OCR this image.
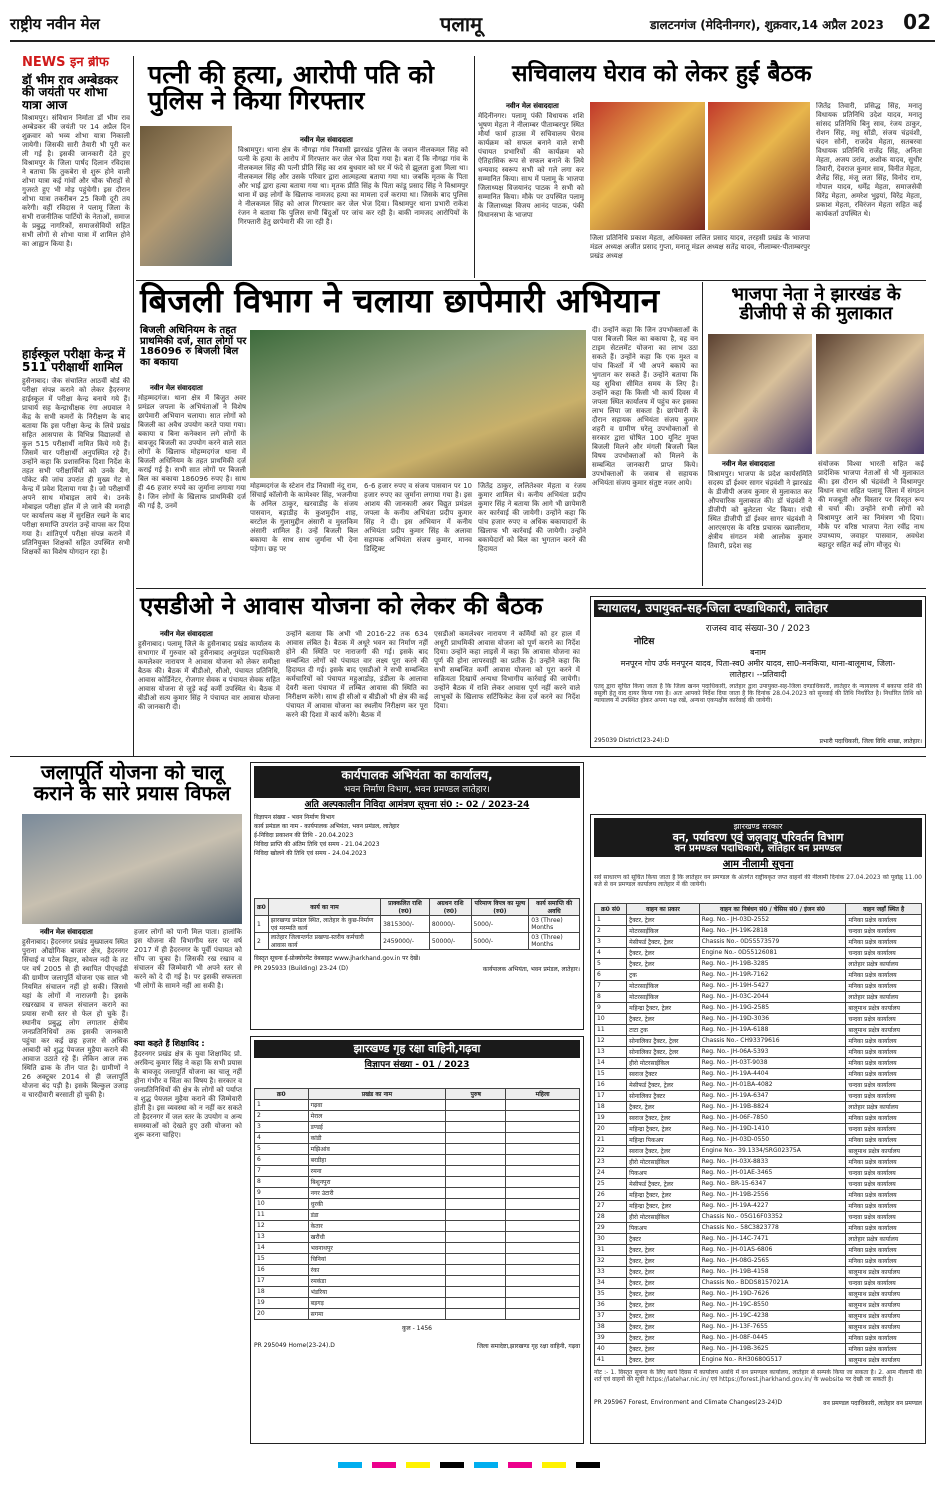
राष्ट्रीय नवीन मेल	पलामू	डालटनगंज (मेदिनीनगर), शुक्रवार,14 अप्रैल 2023 02
NEWS इन ब्रीफ
डॉ भीम राव अम्बेडकर की जयंती पर शोभा यात्रा आज
विश्रामपुर। संविधान निर्माता डॉ भीम राव अम्बेडकर की जयंती पर 14 अप्रैल दिन शुक्रवार को भव्य शोभा यात्रा निकाली जायेगी। जिसकी सारी तैयारी भी पूरी कर ली गई है। इसकी जानकारी देते हुए विश्रामपुर के जिला पार्षद दिलान रविदास ने बताया कि तुकबेरा से शुरू होने वाली शोभा यात्रा कई गांवों और चौक चौराहों से गुजरते हुए भी मोड़ पहुंचेगी। इस दौरान शोभा यात्रा तकरीबन 25 किमी दूरी तय करेगी। वहीं रविदास ने पलामू जिला के सभी राजनीतिक पार्टियों के नेताओं, समाज के प्रबुद्ध नागरिकों, समाजसेवियों सहित सभी लोगों से शोभा यात्रा में शामिल होने का आह्वान किया है।
हाईस्कूल परीक्षा केन्द्र में 511 परीक्षार्थी शामिल
हुसैनाबाद। जैक संचालित आठवीं बोर्ड की परीक्षा संपन्न कराने को लेकर हैदरनगर हाईस्कूल में परीक्षा केन्द्र बनाये गये हैं। प्राचार्य सह केन्द्राधीक्षक रंगा अग्रवाल ने केंद्र के सभी कमरों के निरीक्षण के बाद बताया कि इस परीक्षा केन्द्र के लिये प्रखंड सहित आसपास के विभिन्न विद्यालयों से कुल 515 परीक्षार्थी नामित किये गये हैं। जिसमें चार परीक्षार्थी अनुपस्थित रहे हैं। उन्होंने कहा कि प्रशासनिक दिशा निर्देश के तहत सभी परीक्षार्थियों को उनके बैग, पॉकेट की जांच उपरांत ही मुख्य गेट से केन्द्र में प्रवेश दिलाया गया है। जो परीक्षार्थी अपने साथ मोबाइल लाये थे। उनके मोबाइल परीक्षा हॉल में ले जाने की मनाही पर कार्यालय कक्ष में सुरक्षित रखने के बाद परीक्षा समाप्ति उपरांत उन्हें वापस कर दिया गया है। शांतिपूर्ण परीक्षा संपन्न कराने में प्रतिनियुक्त शिक्षकों सहित उपस्थित सभी शिक्षकों का विशेष योगदान रहा है।
पत्नी की हत्या, आरोपी पति को पुलिस ने किया गिरफ्तार
नवीन मेल संवाददाता
विश्रामपुर। थाना क्षेत्र के नौगढ़ा गांव निवासी झारखंड पुलिस के जवान नीलकमल सिंह को पत्नी के हत्या के आरोप में गिरफ्तार कर जेल भेज दिया गया है। बता दें कि नौगढ़ा गांव के नीलकमल सिंह की पत्नी प्रीति सिंह का शव बुधवार को घर में फंदे से झूलता हुआ मिला था। नीलकमल सिंह और उसके परिवार द्वारा आत्महत्या बताया गया था। जबकि मृतक के पिता और भाई द्वारा हत्या बताया गया था। मृतक प्रीति सिंह के पिता कांडू प्रसाद सिंह ने विश्रामपुर थाना में छह लोगों के खिलाफ नामजद हत्या का मामला दर्ज कराया था। जिसके बाद पुलिस ने नीलकमल सिंह को आज गिरफ्तार कर जेल भेज दिया। विश्रामपुर थाना प्रभारी राकेश रंजन ने बताया कि पुलिस सभी बिंदुओं पर जांच कर रही है। बाकी नामजद आरोपियों के गिरफ्तारी हेतु छापेमारी की जा रही है।
सचिवालय घेराव को लेकर हुई बैठक
नवीन मेल संवाददाता
मेदिनीनगर। पलामू पंकी विधायक शशि भूषण मेहता ने नीलाम्बर पीताम्बरपुर स्थित मौर्या फार्म हाउस में सचिवालय घेराव कार्यक्रम को सफल बनाने वाले सभी पंचायत प्रभारियों की कार्यक्रम को ऐतिहासिक रूप से सफल बनाने के लिये धन्यवाद स्वरूप सभी को गले लगा कर सम्मानित किया। साथ में पलामू के भाजपा जिलाध्यक्ष विजयानंद पाठक ने सभी को सम्मानित किया। मौके पर उपस्थित पलामू के जिलाध्यक्ष विजय आनंद पाठक, पंकी विधानसभा के भाजपा
जिला प्रतिनिधि प्रकाश मेहता, अधिवक्ता ललित प्रसाद यादव, तरहसी प्रखंड के भाजपा मंडल अध्यक्ष अजीत प्रसाद गुप्ता, मनातू मंडल अध्यक्ष सतेंद्र यादव, नीलाम्बर-पीताम्बरपुर प्रखंड अध्यक्ष
जितेंद्र तिवारी, प्रसिद्ध सिंह, मनातू विधायक प्रतिनिधि उदेश यादव, मनातू सांसद प्रतिनिधि बिनु साव, रंजय ठाकुर, रोशन सिंह, मधु सोंडी, संजय चंद्रवंशी, चंदन सोनी, राजदेव मेहता, सतबरवा विधायक प्रतिनिधि राजेंद्र सिंह, अनिता मेहता, अजय उरांव, अशोक यादव, सुधीर तिवारी, देवराज कुमार साव, विनीत मेहता, शैलेंद्र सिंह, मंजू लता सिंह, विनोद राम, गोपाल यादव, धर्मेंद्र मेहता, समाजसेवी विरेंद्र मेहता, अमरेश भुइयां, विरेंद्र मेहता, प्रकाश मेहता, रविरंजन मेहता सहित कई कार्यकर्ता उपस्थित थे।
बिजली विभाग ने चलाया छापेमारी अभियान
बिजली अधिनियम के तहत प्राथमिकी दर्ज, सात लोगों पर 186096 रु बिजली बिल का बकाया
नवीन मेल संवाददाता
मोहम्मदगंज। थाना क्षेत्र में बिजुत अवर प्रमंडल जपला के अभियंताओं ने विशेष छापेमारी अभियान चलाया। सात लोगों को बिजली का अवैध उपयोग करते पाया गया। बकाया व बिना कनेक्शन लगे लोगों के बावजूद बिजली का उपयोग करने वाले सात लोगों के खिलाफ मोहम्मदगंज थाना में बिजली अधिनियम के तहत प्राथमिकी दर्ज कराई गई है। सभी सात लोगों पर बिजली बिल का बकाया 186096 रुपए है। साथ ही 46 हजार रुपये का जुर्माना लगाया गया है। जिन लोगों के खिलाफ प्राथमिकी दर्ज की गई है, उनमें
मोहम्मदगंज के स्टेशन रोड निवासी नंदू राम, सिंचाई कॉलोनी के कामेश्वर सिंह, भजनीया के अनिल ठाकुर, खरवाडीह के संजय पासवान, बड़ाडीह के कुशमुदीन शाह, बरटोल के गुलामुद्दीन अंसारी व मुस्तकिम अंसारी शामिल हैं। उन्हें बिजली बिल बकाया के साथ साथ जुर्माना भी देना पड़ेगा। छह पर
6-6 हजार रुपए व संजय पासवान पर 10 हजार रुपए का जुर्माना लगाया गया है। इस आशय की जानकारी अवर विद्युत प्रमंडल जपला के कनीय अभियंता प्रदीप कुमार सिंह ने दी। इस अभियान में कनीय अभियंता प्रदीप कुमार सिंह के अलावा सहायक अभियंता संजय कुमार, मानव डिस्ट्रिक्ट
जितेंद्र ठाकुर, ललितेश्वर मेहता व रंजय कुमार शामिल थे। कनीय अभियंता प्रदीप कुमार सिंह ने बताया कि आगे भी छापेमारी कर कार्रवाई की जायेगी। उन्होंने कहा कि पांच हजार रुपए व अधिक बकायादारों के खिलाफ भी कार्रवाई की जायेगी। उन्होंने बकायेदारों को बिल का भुगतान करने की हिदायत
दी। उन्होंने कहा कि जिन उपभोक्ताओं के पास बिजली बिल का बकाया है, वह वन टाइम सेटलमेंट योजना का लाभ उठा सकते हैं। उन्होंने कहा कि एक मुश्त व पांच किश्तों में भी अपने बकाये का भुगतान कर सकते हैं। उन्होंने बताया कि यह सुविधा सीमित समय के लिए है। उन्होंने कहा कि किसी भी कार्य दिवस में जपला स्थित कार्यालय में पहुंच कर इसका लाभ लिया जा सकता है। छापेमारी के दौरान सहायक अभियंता संजय कुमार शहरी व ग्रामीण घरेलू उपभोक्ताओं से सरकार द्वारा घोषित 100 यूनिट मुफ्त बिजली मिलने और मंगली बिजली बिल विषय उपभोक्ताओं को मिलने के सम्बन्धित जानकारी प्राप्त किये। उपभोक्ताओं के जवाब से सहायक अभियंता संजय कुमार संतुष्ट नजर आये।
भाजपा नेता ने झारखंड के डीजीपी से की मुलाकात
नवीन मेल संवाददाता
विश्रामपुर। भाजपा के प्रदेश कार्यसमिति सदस्य डॉ ईश्वर सागर चंद्रवंशी ने झारखंड के डीजीपी अजय कुमार से मुलाकात कर औपचारिक मुलाकात की। डॉ चंद्रवंशी ने डीजीपी को बुलेटला भेंट किया। रांची स्थित डीजीपी डॉ ईश्वर सागर चंद्रवंशी ने आरएसएस के वरिष्ठ प्रचारक ख्यालीराम, क्षेत्रीय संगठन मंत्री आलोक कुमार तिवारी, प्रदेश सह
संयोजक विश्वा भारती सहित कई प्रादेशिक भाजपा नेताओं से भी मुलाकात की। इस दौरान श्री चंद्रवंशी ने विश्रामपुर विधान सभा सहित पलामू जिला में संगठन की मजबूती और विस्तार पर विस्तृत रूप से चर्चा की। उन्होंने सभी लोगों को विश्रामपुर आने का निमंत्रण भी दिया। मौके पर वरिष्ठ भाजपा नेता रवींद्र नाथ उपाध्याय, जवाहर पासवान, अवधेश बहादुर सहित कई लोग मौजूद थे।
एसडीओ ने आवास योजना को लेकर की बैठक
नवीन मेल संवाददाता
हुसैनाबाद। पलामू जिले के हुसैनाबाद प्रखंड कार्यालय के सभागार में गुरुवार को हुसैनाबाद अनुमंडल पदाधिकारी कमलेश्वर नारायण ने आवास योजना को लेकर समीक्षा बैठक की। बैठक में बीडीओ, सीओ, पंचायत प्रतिनिधि, आवास कोर्डिनेटर, रोजगार सेवक व पंचायत सेवक सहित आवास योजना से जुड़े कई कर्मी उपस्थित थे। बैठक में बीडीओ सत्य कुमार सिंह ने पंचायत वार आवास योजना की जानकारी दी।
उन्होंने बताया कि अभी भी 2016-22 तक 634 आवास लंबित है। बैठक में अधूरे भवन का निर्माण नहीं होने की स्थिति पर नाराजगी की गई। इसके बाद सम्बन्धित लोगों को पंचायत वार लक्ष्य पूरा करने की हिदायत दी गई। इसके बाद एसडीओ ने सभी सम्बन्धित कर्मचारियों को पंचायत महुआडोड़, डंडीला के आलावा देवरी कला पंचायत में लम्बित आवास की स्थिति का निरीक्षण करेंगे। साथ ही सीओ व बीडीओ भी क्षेत्र की कई पंचायत में आवास योजना का स्थलीय निरीक्षण कर पूरा करने की दिशा में कार्य करेंगे। बैठक में
एसडीओ कमलेश्वर नारायण ने कर्मियों को हर हाल में अधूरी प्राथमिकी आवास योजना को पूर्ण कराने का निर्देश दिया। उन्होंने कहा लाइसें में कहा कि आवास योजना का पूर्ण की होना लापरवाही का प्रतीक है। उन्होंने कहा कि सभी सम्बन्धित कर्मी आवास योजना को पूरा करने में सक्रियता दिखायें अन्यथा विभागीय कार्रवाई की जायेगी। उन्होंने बैठक में राशि लेकर आवास पूर्ण नहीं करने वाले लाभुकों के खिलाफ सर्टिफिकेट केस दर्ज करने का निर्देश दिया।
न्यायालय, उपायुक्त-सह-जिला दण्डाधिकारी, लातेहार
राजस्व वाद संख्या-30 / 2023
नोटिस
बनाम
मनपूरन गोप उर्फ मनपूरन यादव, पिता-स्व0 अमीर यादव, सा0-मनकिया, थाना-बालूमाथ, जिला-लातेहार। --प्रतिवादी
एतद् द्वारा सूचित किया जाता है कि जिला खनन पदाधिकारी, लातेहार द्वारा उपायुक्त-सह-जिला दण्डाधिकारी, लातेहार के न्यायालय में बकाया राशि की वसूली हेतु वाद दायर किया गया है। अतः आपको निर्देश दिया जाता है कि दिनांक 28.04.2023 को सुनवाई की तिथि निर्धारित है। निर्धारित तिथि को न्यायालय में उपस्थित होकर अपना पक्ष रखें, अन्यथा एकपक्षीय कार्रवाई की जायेगी।
295039 District(23-24):D	प्रभारी पदाधिकारी, जिला विधि शाखा, लातेहार।
जलापूर्ति योजना को चालू कराने के सारे प्रयास विफल
नवीन मेल संवाददाता
हुसैनाबाद। हैदरनगर प्रखंड मुख्यालय स्थित पुराना औद्योगिक बाजार क्षेत्र, हैदरनगर सिंचाई व पटेल बिहार, कोयल नदी के तट पर वर्ष 2005 से ही स्थापित पीएचईडी की ग्रामीण जलापूर्ति योजना एक साल भी नियमित संचालन नहीं हो सकी। जिससे यहां के लोगों में नाराजगी है। इसके रखरखाव व सफल संचालन कराने का प्रयास सभी स्तर से फेल हो चुके हैं। स्थानीय प्रबुद्ध लोग लगातार क्षेत्रीय जनप्रतिनिधियों तक इसकी जानकारी पहुंचा कर कई छह हजार से अधिक आबादी को शुद्ध पेयजल मुहैया कराने की आवाज उठाते रहे हैं। लेकिन आज तक स्थिति ढाक के तीन पात है। ग्रामीणों ने 26 अक्टूबर 2014 से ही जलापूर्ति योजना बंद पड़ी है। इसके बिल्कुल उजाड़ व चारदीवारी बरसाती हो चुकी है।
हजार लोगों को पानी मिल पाता। हालांकि इस योजना की विभागीय स्तर पर वर्ष 2017 में ही हैदरनगर के पूर्वी पंचायत को सौंप जा चुका है। जिसकी रख रखाव व संचालन की जिम्मेवारी भी अपने स्तर से करने को दे दी गई है। पर इसकी सफलता भी लोगों के सामने नहीं आ सकी है।
क्या कहते हैं शिक्षाविद :
हैदरनगर प्रखंड क्षेत्र के युवा शिक्षाविद प्रो. अरविन्द कुमार सिंह ने कहा कि सभी प्रयास के बावजूद जलापूर्ति योजना का चालू नहीं होना गंभीर व चिंता का विषय है। सरकार व जनप्रतिनिधियों की क्षेत्र के लोगों को पर्याप्त व शुद्ध पेयजल मुहैया कराने की जिम्मेवारी होती है। इस व्यवस्था को न नहीं कर सकते तो हैदरनगर में जल स्तर के उपयोग व अन्य समस्याओं को देखते हुए उसी योजना को शुरू करना चाहिए।
कार्यपालक अभियंता का कार्यालय,
भवन निर्माण विभाग, भवन प्रमण्डल लातेहार।
अति अल्पकालीन निविदा आमंत्रण सूचना सं0 :- 02 / 2023-24
विज्ञापन संख्या - भवन निर्माण विभाग
कार्य प्रमंडल का नाम - कार्यपालक अभियंता, भवन प्रमंडल, लातेहार
ई-निविदा प्रकाशन की तिथि - 20.04.2023
निविदा प्राप्ति की अंतिम तिथि एवं समय - 21.04.2023
निविदा खोलने की तिथि एवं समय - 24.04.2023
क्र0	कार्य का नाम	प्राक्कलित राशि (रु0)	अग्रधन राशि (रु0)	परिमाण विपत्र का मूल्य (रु0)	कार्य समाप्ति की अवधि
1	झारखण्ड प्रमंडल स्थित, लातेहार के कुछ-निर्माण एवं मरम्मति कार्य	3815300/-	80000/-	5000/-	03 (Three) Months
2	लातेहार जिलान्तर्गत प्रखण्ड-स्तरीय कर्मचारी आवास कार्य	2459000/-	50000/-	5000/-	03 (Three) Months
विस्तृत सूचना ई-प्रोक्योरमेंट वेबसाइट www.jharkhand.gov.in पर देखें।
PR 295933 (Building) 23-24 (D)	कार्यपालक अभियंता, भवन प्रमंडल, लातेहार।
झारखण्ड गृह रक्षा वाहिनी,गढ़वा
विज्ञापन संख्या - 01 / 2023
क्र0	प्रखंड का नाम	पुरुष	महिला
1	गढ़वा		
2	मेराल		
3	डण्डई		
4	कांडी		
5	मझिआंव		
6	बरडीहा		
7	रमना		
8	बिशुनपुरा		
9	नगर उंटारी		
10	धुरकी		
11	डंडा		
12	केतार		
13	खरौंधी		
14	भवनाथपुर		
15	चिनियां		
16	रंका		
17	रमकंडा		
18	भंडरिया		
19	बड़गड़		
20	सगमा		
कुल - 1456
PR 295049 Home(23-24).D	जिला समादेष्टा,झारखण्ड गृह रक्षा वाहिनी, गढ़वा
झारखण्ड सरकार
वन, पर्यावरण एवं जलवायु परिवर्तन विभाग
वन प्रमण्डल पदाधिकारी, लातेहार वन प्रमण्डल
आम नीलामी सूचना
सर्व साधारण को सूचित किया जाता है कि लातेहार वन प्रमण्डल के अंतर्गत राष्ट्रीयकृत जप्त वाहनों की नीलामी दिनांक 27.04.2023 को पूर्वाह्न 11.00 बजे से वन प्रमण्डल कार्यालय लातेहार में की जायेगी।
क्र0 सं0	वाहन का प्रकार	वाहन का निबंधन सं0 / चेसिस सं0 / इंजन सं0	वाहन जहाँ स्थित है
1	ट्रैक्टर, ट्रेलर	Reg. No.- JH-03D-2552	मनिका प्रक्षेत्र कार्यालय
2	मोटरसाईकिल	Reg. No.- JH-19K-2818	चन्दवा प्रक्षेत्र कार्यालय
3	मेसीफर्ड ट्रैक्टर, ट्रेलर	Chassis No.- 0D55573579	मनिका प्रक्षेत्र कार्यालय
4	ट्रैक्टर, ट्रेलर	Engine No.- 0D55126081	चन्दवा प्रक्षेत्र कार्यालय
5	ट्रैक्टर, ट्रेलर	Reg. No.- JH-19B-3285	लातेहार प्रक्षेत्र कार्यालय
6	ट्रक	Reg. No.- JH-19R-7162	मनिका प्रक्षेत्र कार्यालय
7	मोटरसाईकिल	Reg. No.- JH-19H-5427	मनिका प्रक्षेत्र कार्यालय
8	मोटरसाईकिल	Reg. No.- JH-03C-2044	लातेहार प्रक्षेत्र कार्यालय
9	महिन्द्रा ट्रैक्टर, ट्रेलर	Reg. No.- JH-19G-2585	बालूमाथ प्रक्षेत्र कार्यालय
10	ट्रैक्टर, ट्रेलर	Reg. No.- JH-19D-3036	चन्दवा प्रक्षेत्र कार्यालय
11	टाटा ट्रक	Reg. No.- JH-19A-6188	बालूमाथ प्रक्षेत्र कार्यालय
12	सोनालिका ट्रैक्टर, ट्रेलर	Chassis No.- CH93379616	मनिका प्रक्षेत्र कार्यालय
13	सोनालिका ट्रैक्टर, ट्रेलर	Reg. No.- JH-06A-5393	मनिका प्रक्षेत्र कार्यालय
14	हीरो मोटरसाईकिल	Reg. No.- JH-03T-9038	मनिका प्रक्षेत्र कार्यालय
15	स्वराज ट्रैक्टर	Reg. No.- JH-19A-4404	मनिका प्रक्षेत्र कार्यालय
16	मेसीफर्ड ट्रैक्टर, ट्रेलर	Reg. No.- JH-01BA-4082	चन्दवा प्रक्षेत्र कार्यालय
17	सोनालिका ट्रैक्टर	Reg. No.- JH-19A-6347	चन्दवा प्रक्षेत्र कार्यालय
18	ट्रैक्टर, ट्रेलर	Reg. No.- JH-19B-8824	लातेहार प्रक्षेत्र कार्यालय
19	स्वराज ट्रैक्टर, ट्रेलर	Reg. No.- JH-06F-7850	मनिका प्रक्षेत्र कार्यालय
20	महिन्द्रा ट्रैक्टर, ट्रेलर	Reg. No.- JH-19D-1410	चन्दवा प्रक्षेत्र कार्यालय
21	महिन्द्रा पिकअप	Reg. No.- JH-03D-0550	मनिका प्रक्षेत्र कार्यालय
22	स्वराज ट्रैक्टर, ट्रेलर	Engine No.- 39.1334/SRG02375A	बालूमाथ प्रक्षेत्र कार्यालय
23	हीरो मोटरसाईकिल	Reg. No.- JH-03X-8833	मनिका प्रक्षेत्र कार्यालय
24	पिकअप	Reg. No.- JH-01AE-3465	चन्दवा प्रक्षेत्र कार्यालय
25	मेसीफर्ड ट्रैक्टर, ट्रेलर	Reg. No.- BR-15-6347	चन्दवा प्रक्षेत्र कार्यालय
26	महिन्द्रा ट्रैक्टर, ट्रेलर	Reg. No.- JH-19B-2556	मनिका प्रक्षेत्र कार्यालय
27	महिन्द्रा ट्रैक्टर, ट्रेलर	Reg. No.- JH-19A-4227	मनिका प्रक्षेत्र कार्यालय
28	हीरो मोटरसाईकिल	Chassis No.- 05G16F03352	चन्दवा प्रक्षेत्र कार्यालय
29	पिकअप	Chassis No.- 58C3823778	मनिका प्रक्षेत्र कार्यालय
30	ट्रैक्टर	Reg. No.- JH-14C-7471	लातेहार प्रक्षेत्र कार्यालय
31	ट्रैक्टर, ट्रेलर	Reg. No.- JH-01AS-6806	मनिका प्रक्षेत्र कार्यालय
32	ट्रैक्टर, ट्रेलर	Reg. No.- JH-08G-2565	मनिका प्रक्षेत्र कार्यालय
33	ट्रैक्टर, ट्रेलर	Reg. No.- JH-19B-4158	बालूमाथ प्रक्षेत्र कार्यालय
34	ट्रैक्टर, ट्रेलर	Chassis No.- BDDS8157021A	चन्दवा प्रक्षेत्र कार्यालय
35	ट्रैक्टर, ट्रेलर	Reg. No.- JH-19D-7626	बालूमाथ प्रक्षेत्र कार्यालय
36	ट्रैक्टर, ट्रेलर	Reg. No.- JH-19C-8550	बालूमाथ प्रक्षेत्र कार्यालय
37	ट्रैक्टर, ट्रेलर	Reg. No.- JH-19C-4238	बालूमाथ प्रक्षेत्र कार्यालय
38	ट्रैक्टर, ट्रेलर	Reg. No.- JH-13F-7655	बालूमाथ प्रक्षेत्र कार्यालय
39	ट्रैक्टर, ट्रेलर	Reg. No.- JH-08F-0445	मनिका प्रक्षेत्र कार्यालय
40	ट्रैक्टर, ट्रेलर	Reg. No.- JH-19B-3625	मनिका प्रक्षेत्र कार्यालय
41	ट्रैक्टर, ट्रेलर	Engine No.- RH30680G517	बालूमाथ प्रक्षेत्र कार्यालय
नोट :- 1. विस्तृत सूचना के लिए कार्य दिवस में कार्यालय अवधि में वन प्रमण्डल कार्यालय, लातेहार से सम्पर्क किया जा सकता है। 2. आम नीलामी की शर्त एवं वाहनों की सूची https://latehar.nic.in/ एवं https://forest.jharkhand.gov.in/ के website पर देखी जा सकती है।
PR 295967 Forest, Environment and Climate Changes(23-24)D	वन प्रमण्डल पदाधिकारी, लातेहार वन प्रमण्डल
